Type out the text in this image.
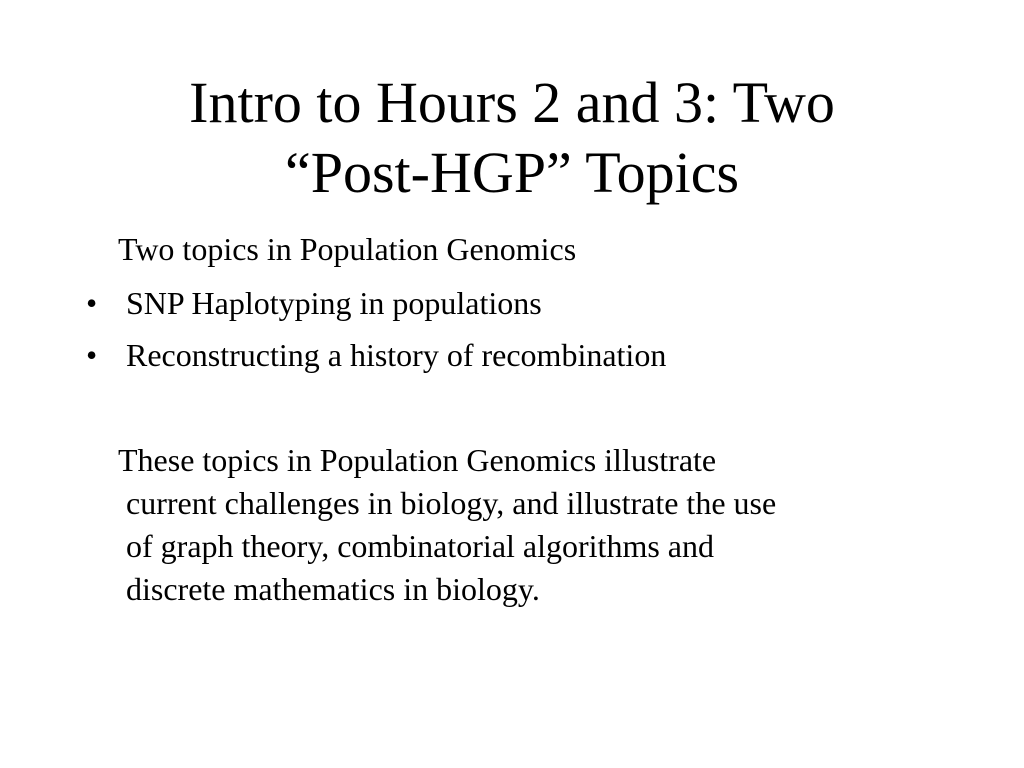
Intro to Hours 2 and 3: Two
“Post-HGP” Topics
Two topics in Population Genomics
• SNP Haplotyping in populations
• Reconstructing a history of recombination
These topics in Population Genomics illustrate
current challenges in biology, and illustrate the use
of graph theory, combinatorial algorithms and
discrete mathematics in biology.
